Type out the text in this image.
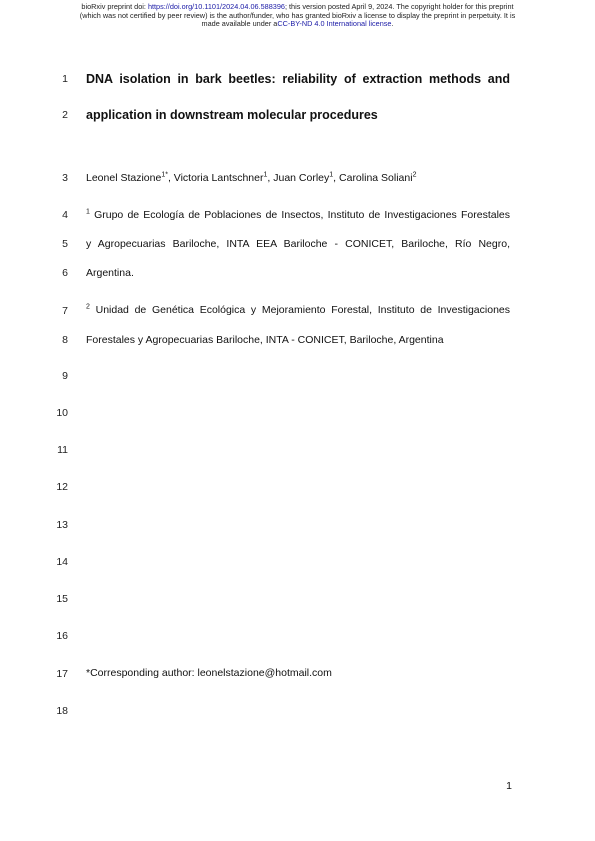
bioRxiv preprint doi: https://doi.org/10.1101/2024.04.06.588396; this version posted April 9, 2024. The copyright holder for this preprint
(which was not certified by peer review) is the author/funder, who has granted bioRxiv a license to display the preprint in perpetuity. It is
made available under aCC-BY-ND 4.0 International license.
1
2
3
4
5
6
7
8
9
10
11
12
13
14
15
16
17
18
DNA isolation in bark beetles: reliability of extraction methods and
application in downstream molecular procedures
Leonel Stazione$^{1*}$, Victoria Lantschner$^1$, Juan Corley$^1$, Carolina Soliani$^2$
$^1$ Grupo de Ecología de Poblaciones de Insectos, Instituto de Investigaciones Forestales
y Agropecuarias Bariloche, INTA EEA Bariloche - CONICET, Bariloche, Río Negro,
Argentina.
$^2$ Unidad de Genética Ecológica y Mejoramiento Forestal, Instituto de Investigaciones
Forestales y Agropecuarias Bariloche, INTA - CONICET, Bariloche, Argentina
*Corresponding author: leonelstazione@hotmail.com
1
